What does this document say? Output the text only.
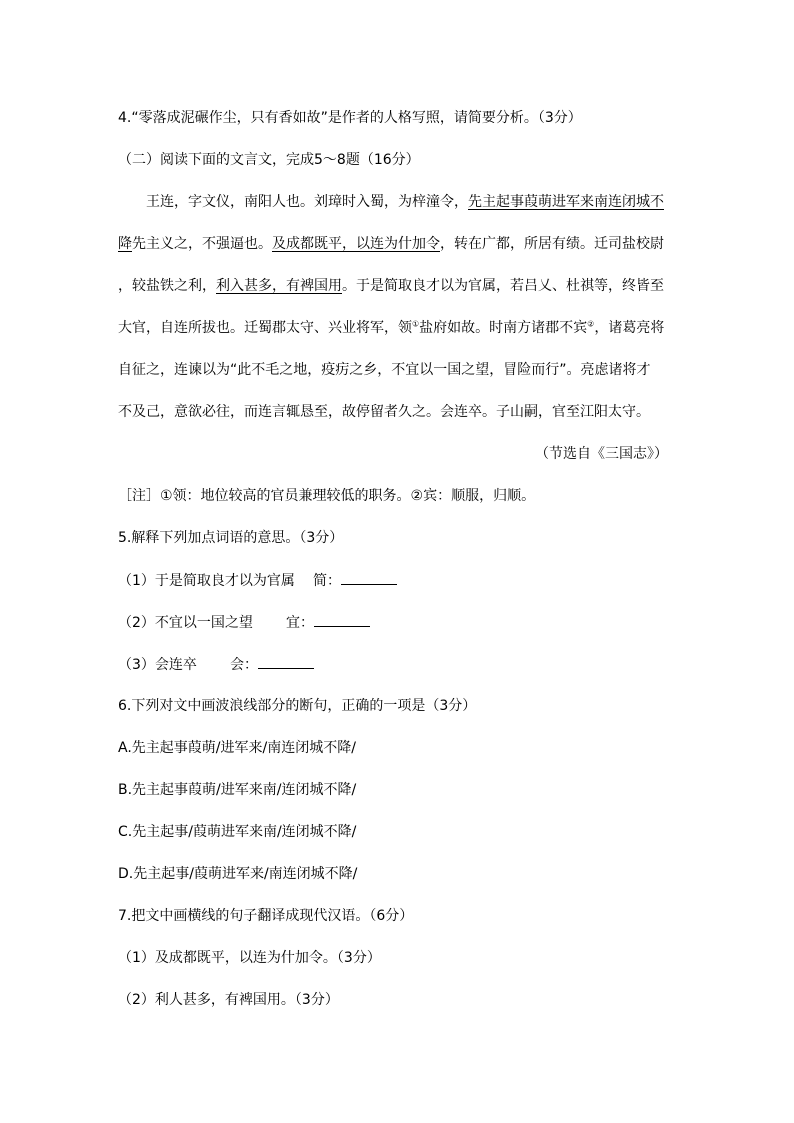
4.“零落成泥碾作尘，只有香如故”是作者的人格写照，请简要分析。（3分）
（二）阅读下面的文言文，完成5～8题（16分）
王连，字文仪，南阳人也。刘璋时入蜀，为梓潼令，先主起事葭萌进军来南连闭城不
降先主义之，不强逼也。及成都既平，以连为什加令，转在广都，所居有绩。迁司盐校尉
，较盐铁之利，利入甚多，有裨国用。于是简取良才以为官属，若吕乂、杜祺等，终皆至
大官，自连所拔也。迁蜀郡太守、兴业将军，领①盐府如故。时南方诸郡不宾②，诸葛亮将
自征之，连谏以为“此不毛之地，疫疠之乡，不宜以一国之望，冒险而行”。亮虑诸将才
不及己，意欲必往，而连言辄恳至，故停留者久之。会连卒。子山嗣，官至江阳太守。
（节选自《三国志》）
［注］①领：地位较高的官员兼理较低的职务。②宾：顺服，归顺。
5.解释下列加点词语的意思。（3分）
（1）于是简取良才以为官属 简：
（2）不宜以一国之望 宜：
（3）会连卒 会：
6.下列对文中画波浪线部分的断句，正确的一项是（3分）
A.先主起事葭萌/进军来/南连闭城不降/
B.先主起事葭萌/进军来南/连闭城不降/
C.先主起事/葭萌进军来南/连闭城不降/
D.先主起事/葭萌进军来/南连闭城不降/
7.把文中画横线的句子翻译成现代汉语。（6分）
（1）及成都既平，以连为什加令。（3分）
（2）利人甚多，有裨国用。（3分）
